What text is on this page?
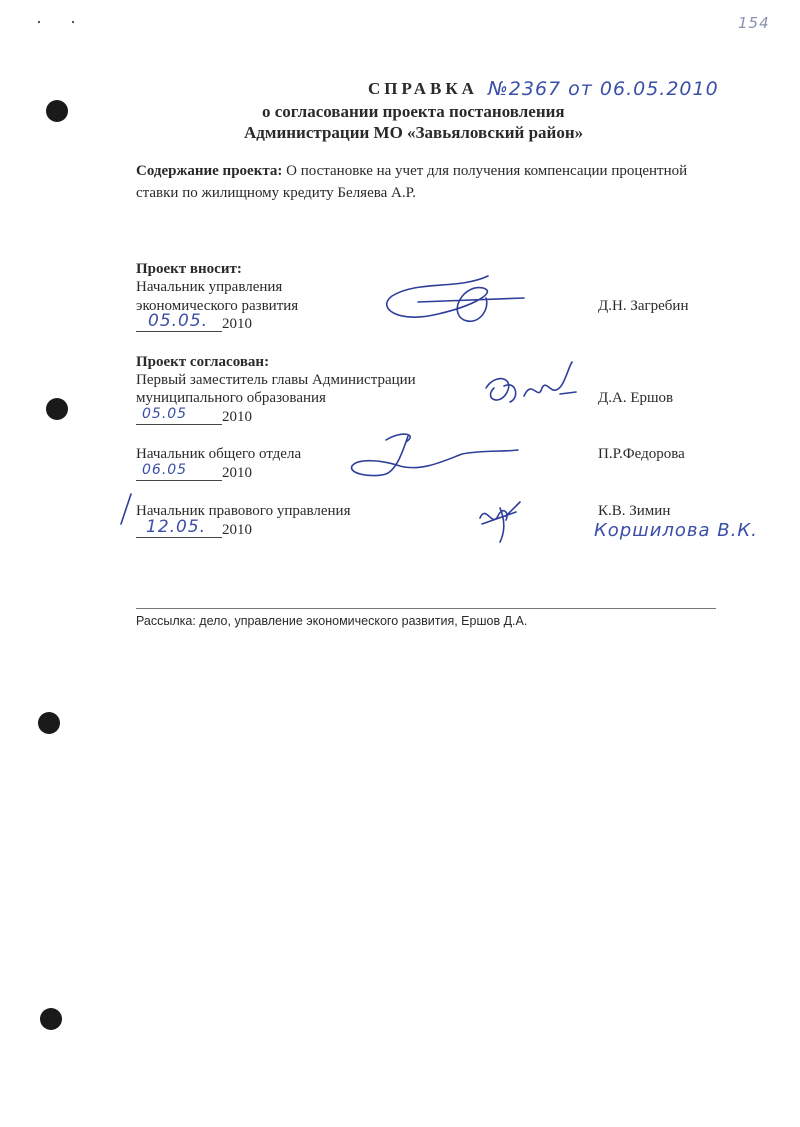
154
СПРАВКА №2367 от 06.05.2010
о согласовании проекта постановления
Администрации МО «Завьяловский район»
Содержание проекта: О постановке на учет для получения компенсации процентной
ставки по жилищному кредиту Беляева А.Р.
Проект вносит:
Начальник управления
экономического развития
05.05. 2010
Д.Н. Загребин
Проект согласован:
Первый заместитель главы Администрации
муниципального образования
05.05 2010
Д.А. Ершов
Начальник общего отдела
06.05 2010
П.Р.Федорова
Начальник правового управления
12.05. 2010
К.В. Зимин
Коршилова В.К.
Рассылка: дело, управление экономического развития, Ершов Д.А.
